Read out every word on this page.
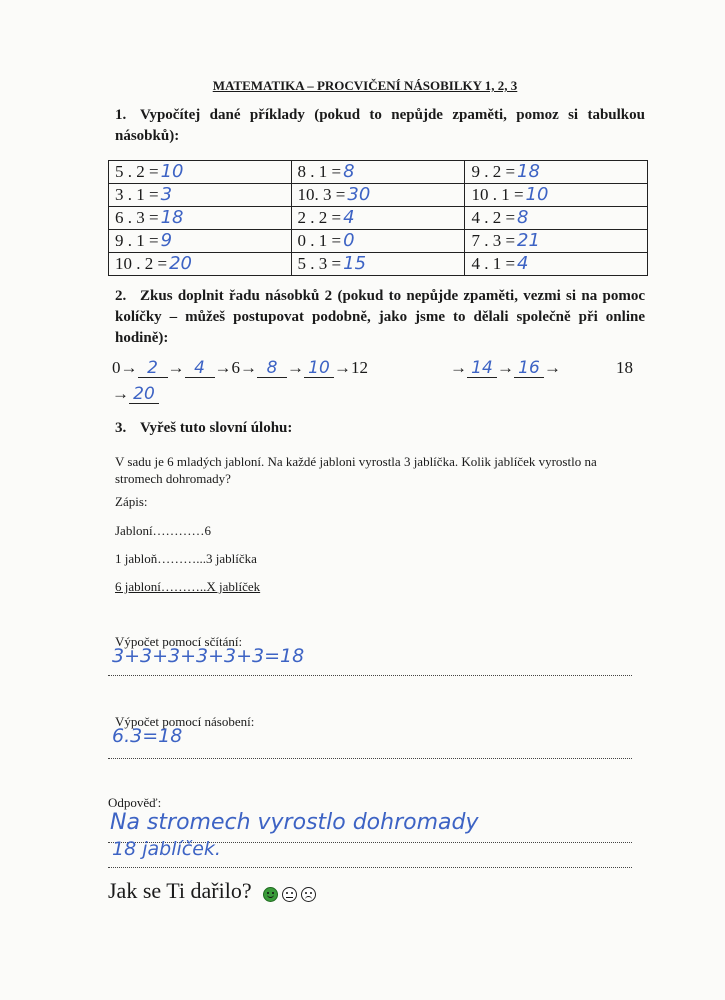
MATEMATIKA – PROCVIČENÍ NÁSOBILKY 1, 2, 3
1. Vypočítej dané příklady (pokud to nepůjde zpaměti, pomoz si tabulkou násobků):
5 . 2 = 10	8 . 1 = 8	9 . 2 = 18
3 . 1 = 3	10. 3 = 30	10 . 1 = 10
6 . 3 = 18	2 . 2 = 4	4 . 2 = 8
9 . 1 = 9	0 . 1 = 0	7 . 3 = 21
10 . 2 = 20	5 . 3 = 15	4 . 1 = 4
2. Zkus doplnit řadu násobků 2 (pokud to nepůjde zpaměti, vezmi si na pomoc kolíčky – můžeš postupovat podobně, jako jsme to dělali společně při online hodině):
0→ 2 → 4 →6→ 8 → 10 →12	→ 14 → 16 →	18
→ 20
3. Vyřeš tuto slovní úlohu:
V sadu je 6 mladých jabloní. Na každé jabloni vyrostla 3 jablíčka. Kolik jablíček vyrostlo na stromech dohromady?
Zápis:
Jabloní…………6
1 jabloň………...3 jablíčka
6 jabloní………..X jablíček
Výpočet pomocí sčítání:
3+3+3+3+3+3=18
Výpočet pomocí násobení:
6.3=18
Odpověď:
Na stromech vyrostlo dohromady
18 jablíček.
Jak se Ti dařilo?
